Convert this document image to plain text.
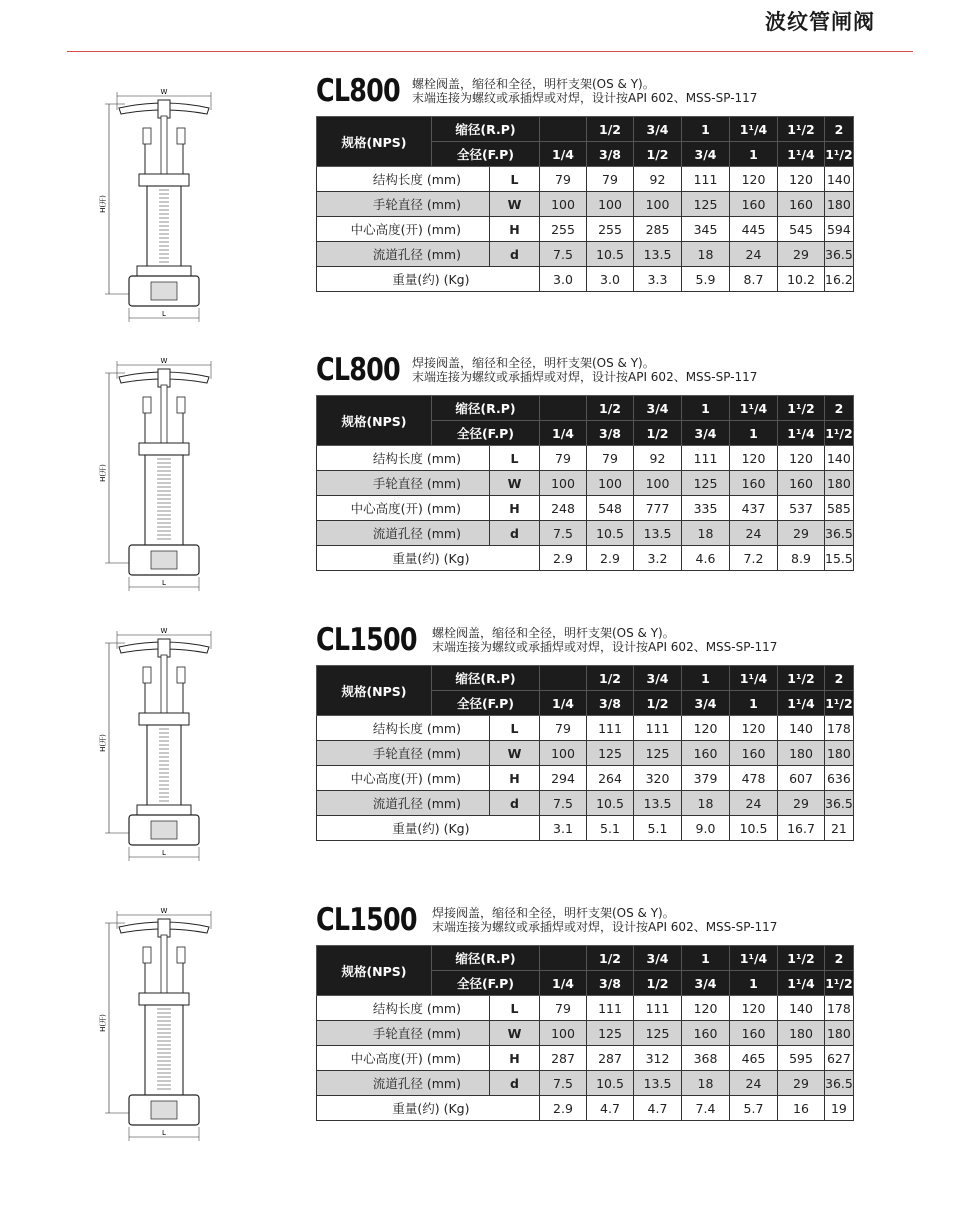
波纹管闸阀
W
H(开)
L
CL800 螺栓阀盖，缩径和全径，明杆支架(OS & Y)。
末端连接为螺纹或承插焊或对焊，设计按API 602、MSS-SP-117
规格(NPS)	缩径(R.P)			1/2	3/4	1	1¹/4	1¹/2	2
	全径(F.P)		1/4	3/8	1/2	3/4	1	1¹/4	1¹/2
结构长度 (mm)		L	79	79	92	111	120	120	140
手轮直径 (mm)		W	100	100	100	125	160	160	180
中心高度(开) (mm)		H	255	255	285	345	445	545	594
流道孔径 (mm)		d	7.5	10.5	13.5	18	24	29	36.5
重量(约) (Kg)			3.0	3.0	3.3	5.9	8.7	10.2	16.2
W
H(开)
L
CL800 焊接阀盖，缩径和全径，明杆支架(OS & Y)。
末端连接为螺纹或承插焊或对焊，设计按API 602、MSS-SP-117
规格(NPS)	缩径(R.P)			1/2	3/4	1	1¹/4	1¹/2	2
	全径(F.P)		1/4	3/8	1/2	3/4	1	1¹/4	1¹/2
结构长度 (mm)		L	79	79	92	111	120	120	140
手轮直径 (mm)		W	100	100	100	125	160	160	180
中心高度(开) (mm)		H	248	548	777	335	437	537	585
流道孔径 (mm)		d	7.5	10.5	13.5	18	24	29	36.5
重量(约) (Kg)			2.9	2.9	3.2	4.6	7.2	8.9	15.5
W
H(开)
L
CL1500 螺栓阀盖，缩径和全径，明杆支架(OS & Y)。
末端连接为螺纹或承插焊或对焊，设计按API 602、MSS-SP-117
规格(NPS)	缩径(R.P)			1/2	3/4	1	1¹/4	1¹/2	2
	全径(F.P)		1/4	3/8	1/2	3/4	1	1¹/4	1¹/2
结构长度 (mm)		L	79	111	111	120	120	140	178
手轮直径 (mm)		W	100	125	125	160	160	180	180
中心高度(开) (mm)		H	294	264	320	379	478	607	636
流道孔径 (mm)		d	7.5	10.5	13.5	18	24	29	36.5
重量(约) (Kg)			3.1	5.1	5.1	9.0	10.5	16.7	21
W
H(开)
L
CL1500 焊接阀盖，缩径和全径，明杆支架(OS & Y)。
末端连接为螺纹或承插焊或对焊，设计按API 602、MSS-SP-117
规格(NPS)	缩径(R.P)			1/2	3/4	1	1¹/4	1¹/2	2
	全径(F.P)		1/4	3/8	1/2	3/4	1	1¹/4	1¹/2
结构长度 (mm)		L	79	111	111	120	120	140	178
手轮直径 (mm)		W	100	125	125	160	160	180	180
中心高度(开) (mm)		H	287	287	312	368	465	595	627
流道孔径 (mm)		d	7.5	10.5	13.5	18	24	29	36.5
重量(约) (Kg)			2.9	4.7	4.7	7.4	5.7	16	19
